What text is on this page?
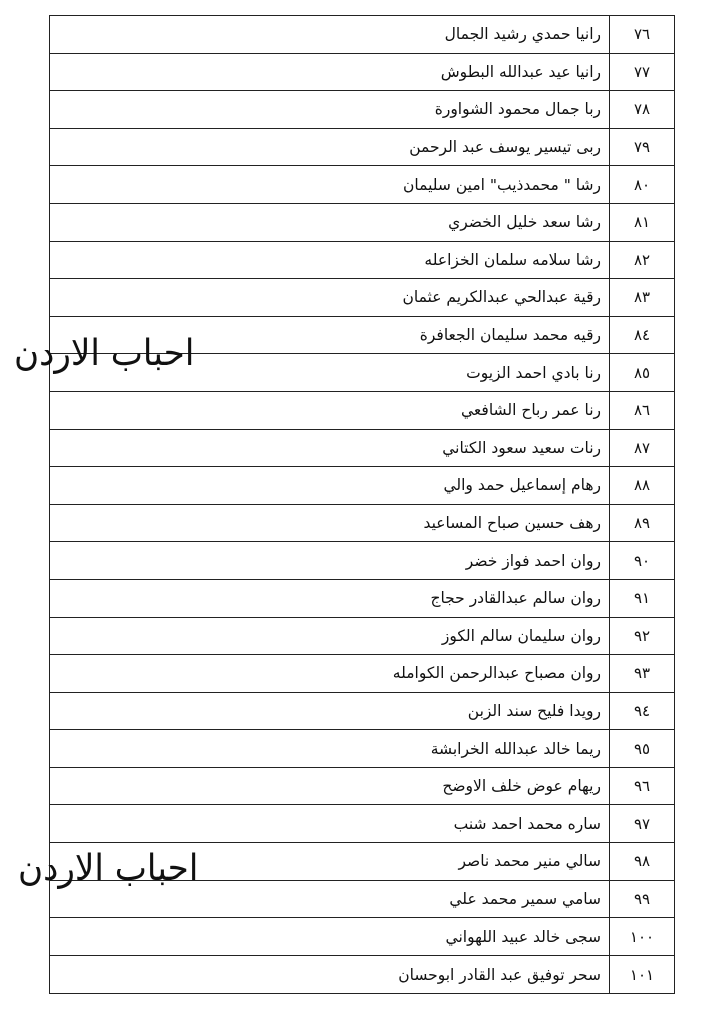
٧٦
رانيا حمدي رشيد الجمال
٧٧
رانيا عيد عبدالله البطوش
٧٨
ربا جمال محمود الشواورة
٧٩
ربى تيسير يوسف عبد الرحمن
٨٠
رشا " محمدذيب" امين سليمان
٨١
رشا سعد خليل الخضري
٨٢
رشا سلامه سلمان الخزاعله
٨٣
رقية عبدالحي عبدالكريم عثمان
٨٤
رقيه محمد سليمان الجعافرة
٨٥
رنا بادي احمد الزيوت
٨٦
رنا عمر رباح الشافعي
٨٧
رنات سعيد سعود الكتاني
٨٨
رهام إسماعيل حمد والي
٨٩
رهف حسين صباح المساعيد
٩٠
روان احمد فواز خضر
٩١
روان سالم عبدالقادر حجاج
٩٢
روان سليمان سالم الكوز
٩٣
روان مصباح عبدالرحمن الكوامله
٩٤
رويدا فليح سند الزبن
٩٥
ريما خالد عبدالله الخرابشة
٩٦
ريهام عوض خلف الاوضح
٩٧
ساره محمد احمد شنب
٩٨
سالي منير محمد ناصر
٩٩
سامي سمير محمد علي
١٠٠
سجى خالد عبيد اللهواني
١٠١
سحر توفيق عبد القادر ابوحسان
احباب الاردن
احباب الاردن
